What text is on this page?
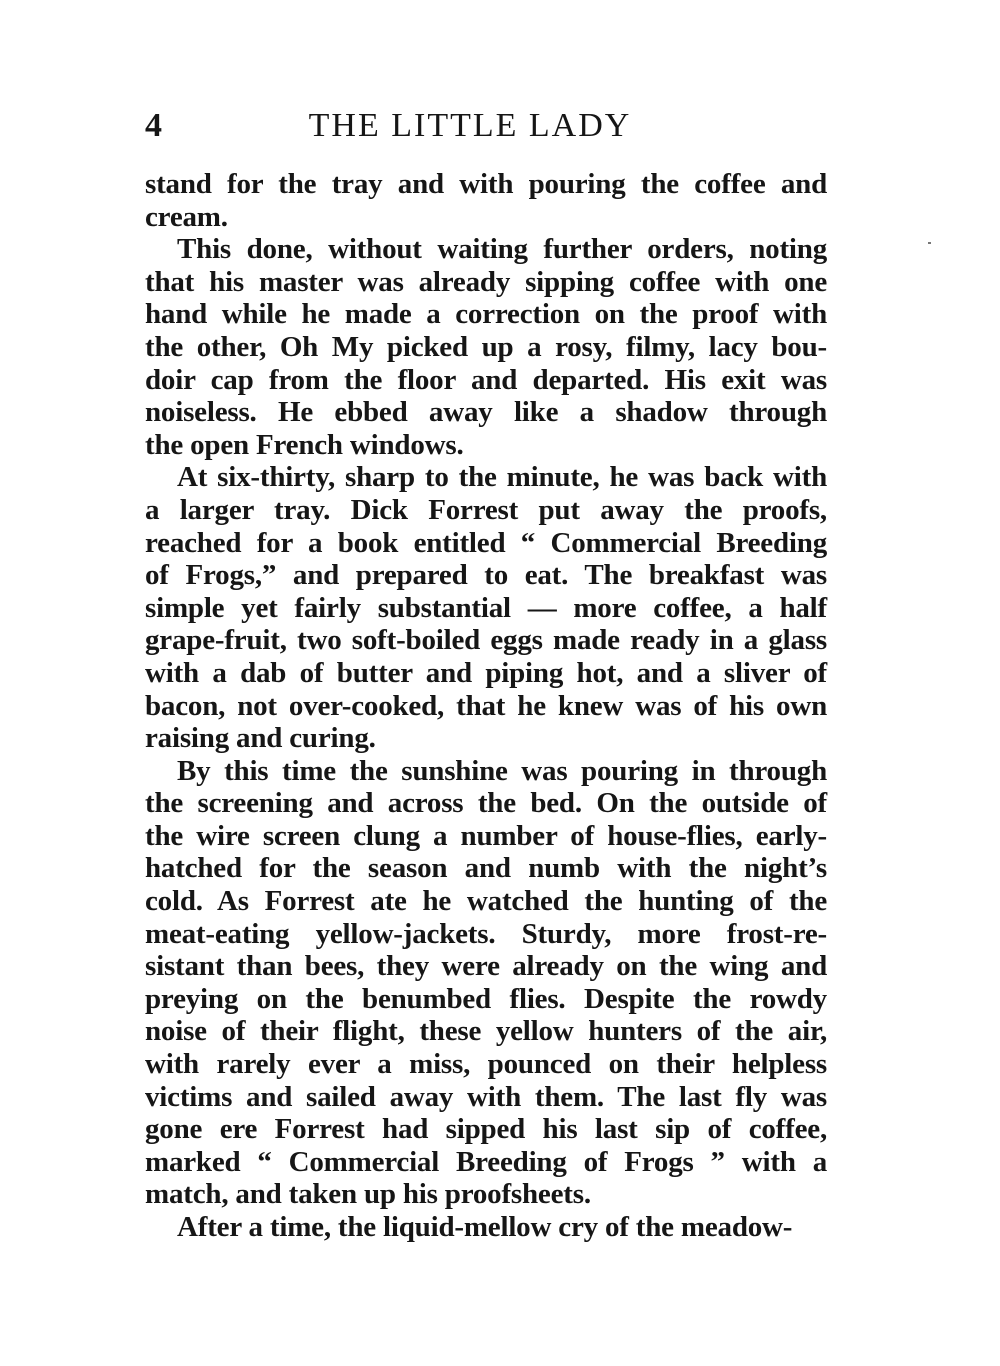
4	THE LITTLE LADY
stand for the tray and with pouring the coffee and
cream.
This done, without waiting further orders, noting
that his master was already sipping coffee with one
hand while he made a correction on the proof with
the other, Oh My picked up a rosy, filmy, lacy bou-
doir cap from the floor and departed. His exit was
noiseless. He ebbed away like a shadow through
the open French windows.
At six-thirty, sharp to the minute, he was back with
a larger tray. Dick Forrest put away the proofs,
reached for a book entitled “ Commercial Breeding
of Frogs,” and prepared to eat. The breakfast was
simple yet fairly substantial — more coffee, a half
grape-fruit, two soft-boiled eggs made ready in a glass
with a dab of butter and piping hot, and a sliver of
bacon, not over-cooked, that he knew was of his own
raising and curing.
By this time the sunshine was pouring in through
the screening and across the bed. On the outside of
the wire screen clung a number of house-flies, early-
hatched for the season and numb with the night’s
cold. As Forrest ate he watched the hunting of the
meat-eating yellow-jackets. Sturdy, more frost-re-
sistant than bees, they were already on the wing and
preying on the benumbed flies. Despite the rowdy
noise of their flight, these yellow hunters of the air,
with rarely ever a miss, pounced on their helpless
victims and sailed away with them. The last fly was
gone ere Forrest had sipped his last sip of coffee,
marked “ Commercial Breeding of Frogs ” with a
match, and taken up his proofsheets.
After a time, the liquid-mellow cry of the meadow-
